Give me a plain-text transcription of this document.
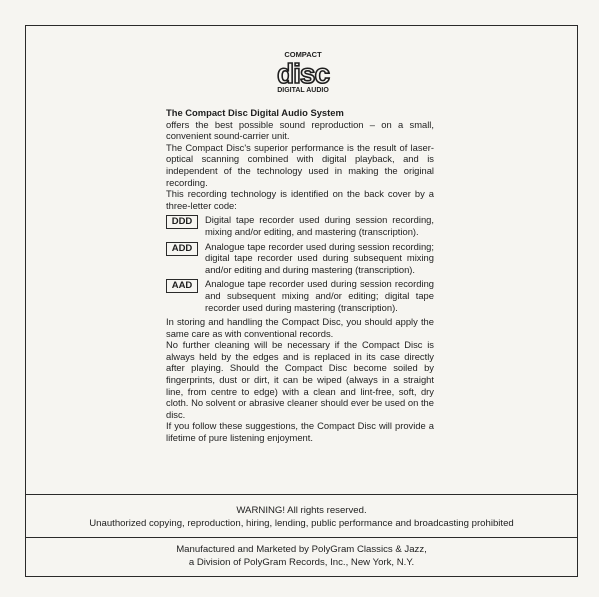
COMPACT
disc
DIGITAL AUDIO

The Compact Disc Digital Audio System

offers the best possible sound reproduction – on a small, convenient sound-carrier unit.

The Compact Disc's superior performance is the result of laser-optical scanning combined with digital playback, and is independent of the technology used in making the original recording.

This recording technology is identified on the back cover by a three-letter code:

DDD	Digital tape recorder used during session recording, mixing and/or editing, and mastering (transcription).
ADD	Analogue tape recorder used during session recording; digital tape recorder used during subsequent mixing and/or editing and during mastering (transcription).
AAD	Analogue tape recorder used during session recording and subsequent mixing and/or editing; digital tape recorder used during mastering (transcription).

In storing and handling the Compact Disc, you should apply the same care as with conventional records.

No further cleaning will be necessary if the Compact Disc is always held by the edges and is replaced in its case directly after playing. Should the Compact Disc become soiled by fingerprints, dust or dirt, it can be wiped (always in a straight line, from centre to edge) with a clean and lint-free, soft, dry cloth. No solvent or abrasive cleaner should ever be used on the disc.

If you follow these suggestions, the Compact Disc will provide a lifetime of pure listening enjoyment.

WARNING! All rights reserved.
Unauthorized copying, reproduction, hiring, lending, public performance and broadcasting prohibited
Manufactured and Marketed by PolyGram Classics & Jazz,
a Division of PolyGram Records, Inc., New York, N.Y.
